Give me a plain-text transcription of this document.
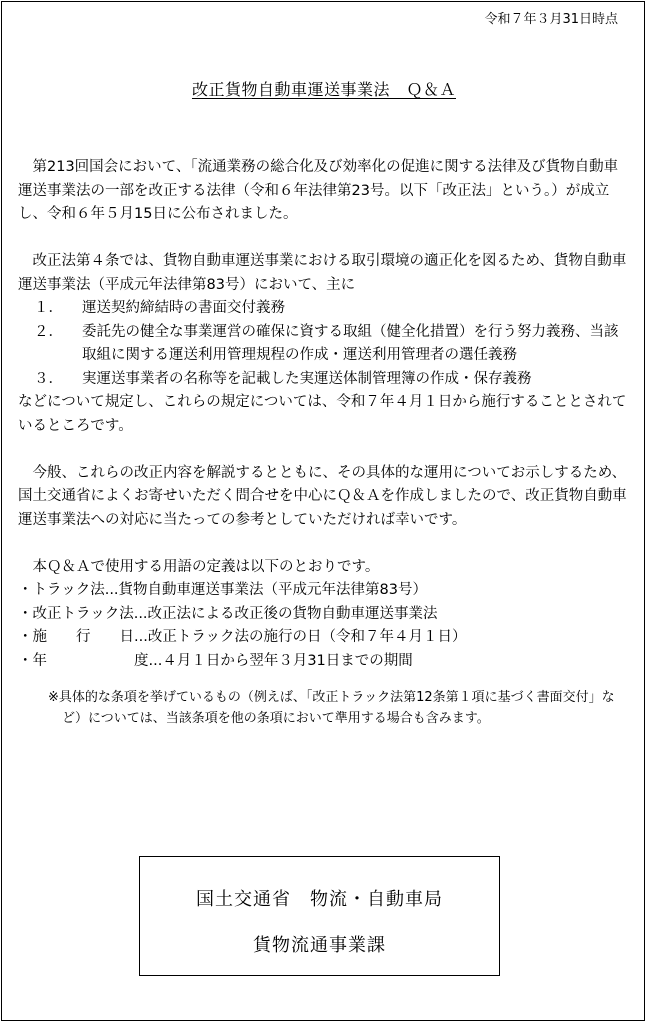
令和７年３月31日時点
改正貨物自動車運送事業法　Ｑ＆Ａ

第213回国会において、「流通業務の総合化及び効率化の促進に関する法律及び貨物自動車運送事業法の一部を改正する法律（令和６年法律第23号。以下「改正法」という。）が成立し、令和６年５月15日に公布されました。

改正法第４条では、貨物自動車運送事業における取引環境の適正化を図るため、貨物自動車運送事業法（平成元年法律第83号）において、主に

１．	運送契約締結時の書面交付義務
２．	委託先の健全な事業運営の確保に資する取組（健全化措置）を行う努力義務、当該取組に関する運送利用管理規程の作成・運送利用管理者の選任義務
３．	実運送事業者の名称等を記載した実運送体制管理簿の作成・保存義務

などについて規定し、これらの規定については、令和７年４月１日から施行することとされているところです。

今般、これらの改正内容を解説するとともに、その具体的な運用についてお示しするため、国土交通省によくお寄せいただく問合せを中心にＱ＆Ａを作成しましたので、改正貨物自動車運送事業法への対応に当たっての参考としていただければ幸いです。

本Ｑ＆Ａで使用する用語の定義は以下のとおりです。

・トラック法... 貨物自動車運送事業法（平成元年法律第83号）
・改正トラック法... 改正法による改正後の貨物自動車運送事業法
・施　　行　　日... 改正トラック法の施行の日（令和７年４月１日）
・年　　　　　　度... ４月１日から翌年３月31日までの期間
※具体的な条項を挙げているもの（例えば、「改正トラック法第12条第１項に基づく書面交付」など）については、当該条項を他の条項において準用する場合も含みます。
国土交通省　物流・自動車局
貨物流通事業課
